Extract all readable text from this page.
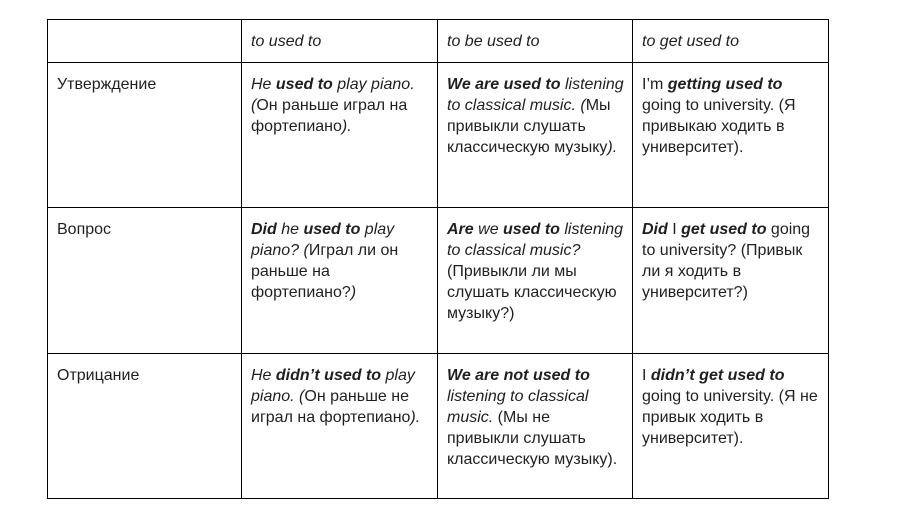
	to used to	to be used to	to get used to
Утверждение	He used to play piano. (Он раньше играл на фортепиано).	We are used to listening to classical music. (Мы привыкли слушать классическую музыку).	I’m getting used to going to university. (Я привыкаю ходить в университет).
Вопрос	Did he used to play piano? (Играл ли он раньше на фортепиано?)	Are we used to listening to classical music? (Привыкли ли мы слушать классическую музыку?)	Did I get used to going to university? (Привык ли я ходить в университет?)
Отрицание	He didn’t used to play piano. (Он раньше не играл на фортепиано).	We are not used to listening to classical music. (Мы не привыкли слушать классическую музыку).	I didn’t get used to going to university. (Я не привык ходить в университет).
